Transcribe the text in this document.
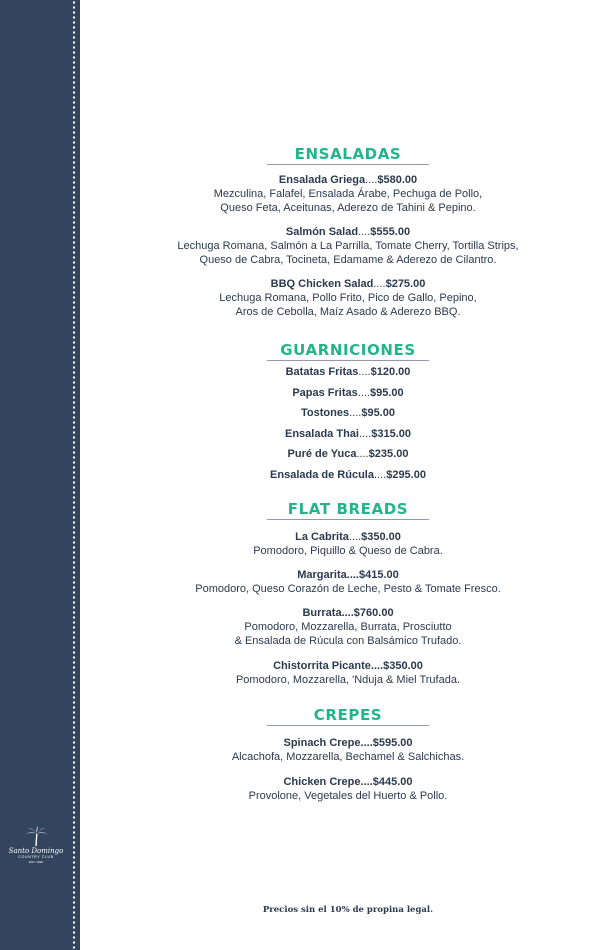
Santo Domingo
COUNTRY CLUB
EST. 1920
ENSALADAS
Ensalada Griega....$580.00
Mezculina, Falafel, Ensalada Árabe, Pechuga de Pollo,
Queso Feta, Aceitunas, Aderezo de Tahini & Pepino.
Salmón Salad....$555.00
Lechuga Romana, Salmón a La Parrilla, Tomate Cherry, Tortilla Strips,
Queso de Cabra, Tocineta, Edamame & Aderezo de Cilantro.
BBQ Chicken Salad....$275.00
Lechuga Romana, Pollo Frito, Pico de Gallo, Pepino,
Aros de Cebolla, Maíz Asado & Aderezo BBQ.
GUARNICIONES
Batatas Fritas....$120.00
Papas Fritas....$95.00
Tostones....$95.00
Ensalada Thai....$315.00
Puré de Yuca....$235.00
Ensalada de Rúcula....$295.00
FLAT BREADS
La Cabrita....$350.00
Pomodoro, Piquillo & Queso de Cabra.
Margarita....$415.00
Pomodoro, Queso Corazón de Leche, Pesto & Tomate Fresco.
Burrata....$760.00
Pomodoro, Mozzarella, Burrata, Prosciutto
& Ensalada de Rúcula con Balsámico Trufado.
Chistorrita Picante....$350.00
Pomodoro, Mozzarella, 'Nduja & Miel Trufada.
CREPES
Spinach Crepe....$595.00
Alcachofa, Mozzarella, Bechamel & Salchichas.
Chicken Crepe....$445.00
Provolone, Vegetales del Huerto & Pollo.
Precios sin el 10% de propina legal.
